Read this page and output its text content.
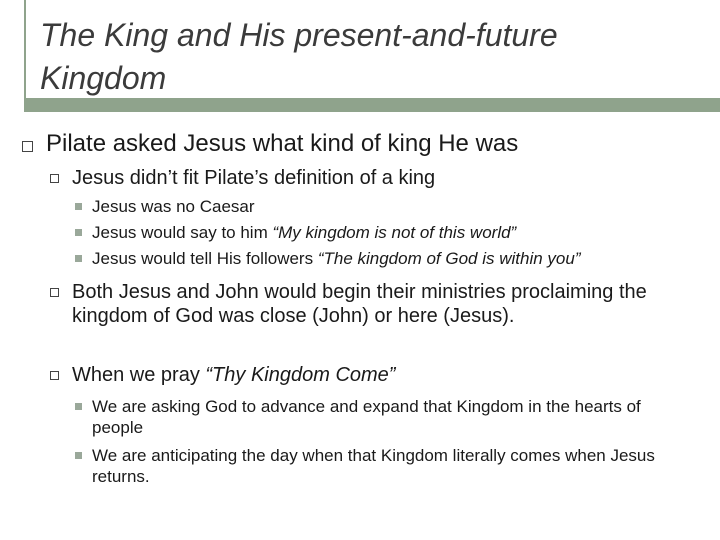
The King and His present-and-future Kingdom
Pilate asked Jesus what kind of king He was
Jesus didn’t fit Pilate’s definition of a king
Jesus was no Caesar
Jesus would say to him “My kingdom is not of this world”
Jesus would tell His followers “The kingdom of God is within you”
Both Jesus and John would begin their ministries proclaiming the kingdom of God was close (John) or here (Jesus).
When we pray “Thy Kingdom Come”
We are asking God to advance and expand that Kingdom in the hearts of people
We are anticipating the day when that Kingdom literally comes when Jesus returns.
